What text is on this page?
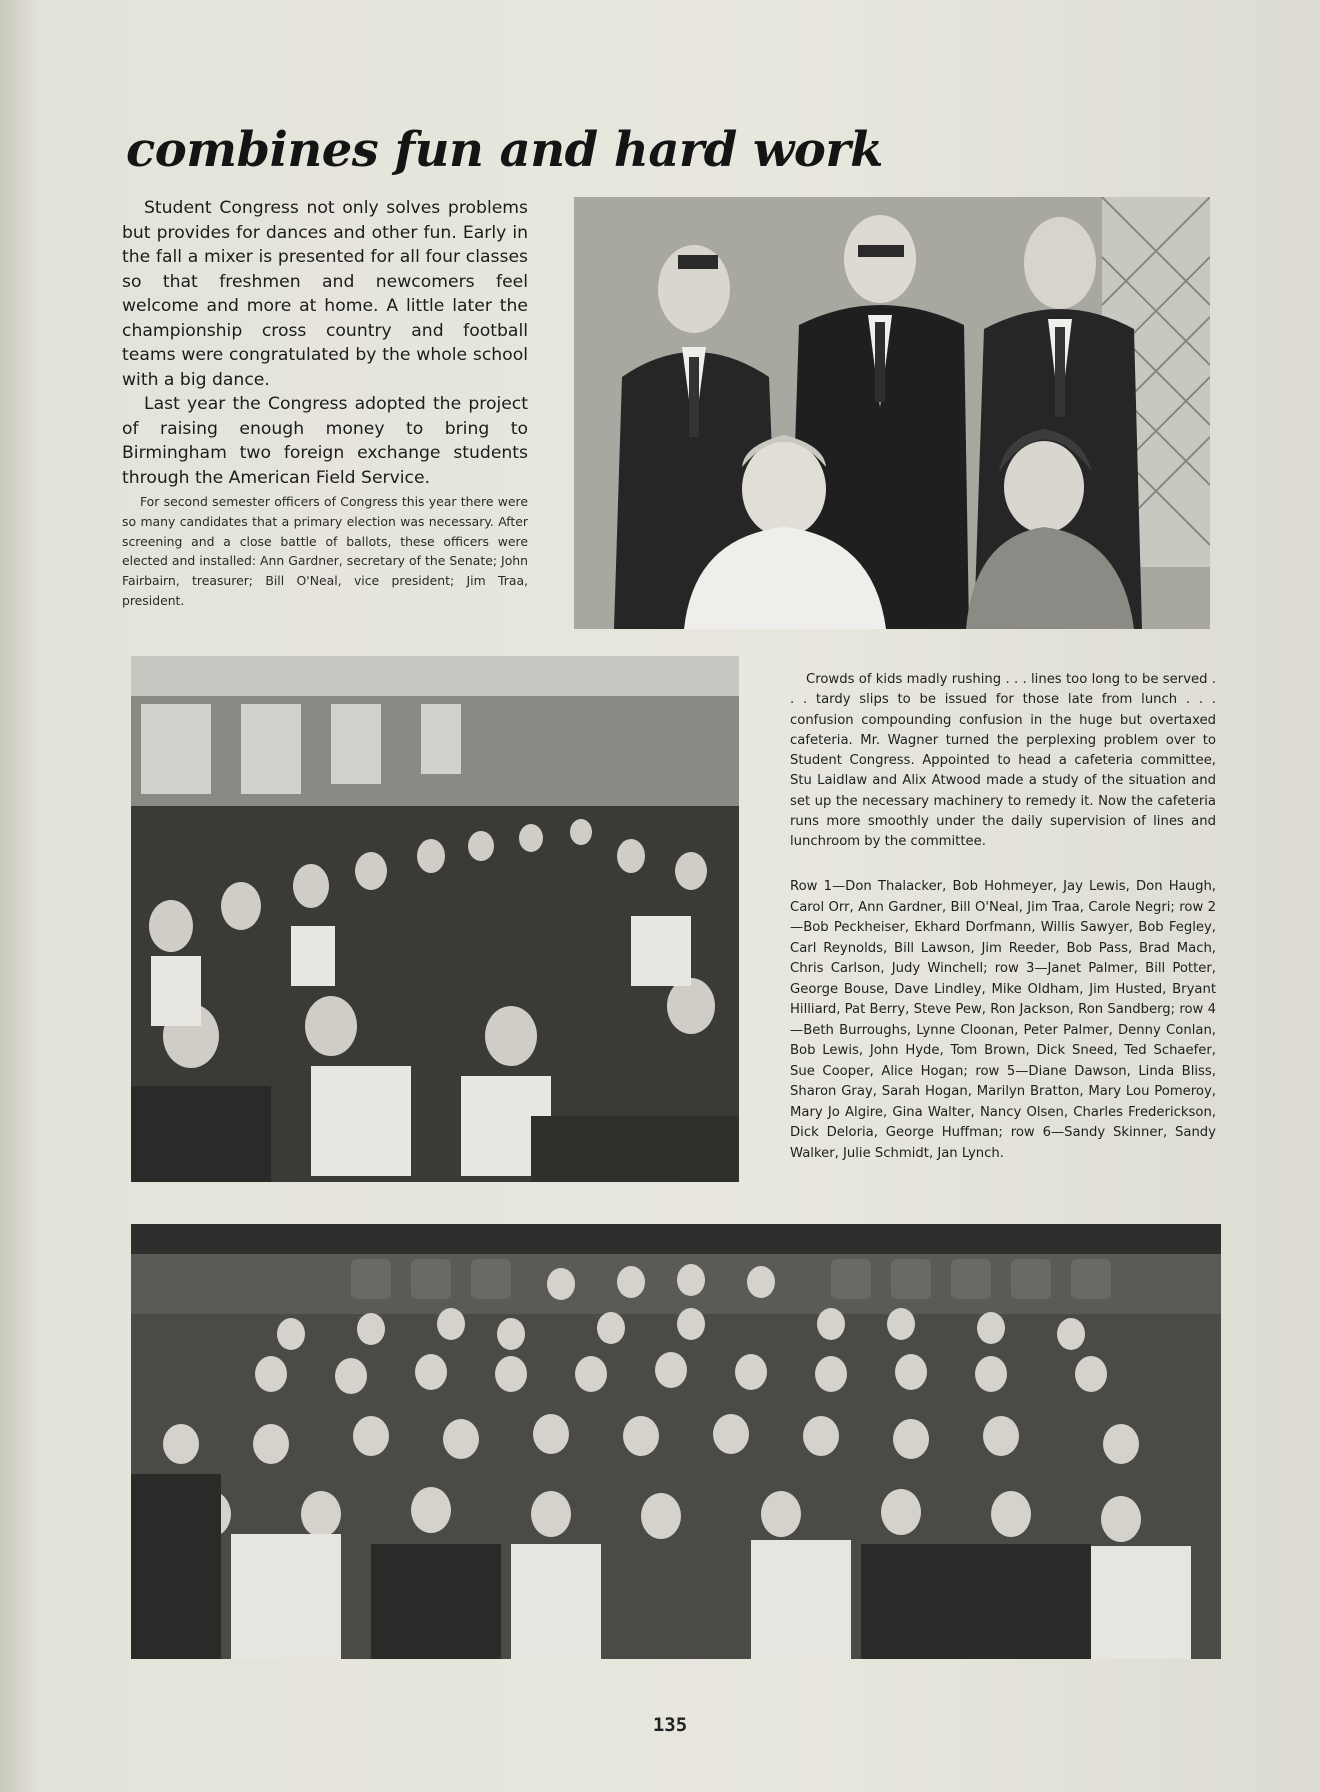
combines fun and hard work

Student Congress not only solves problems but provides for dances and other fun. Early in the fall a mixer is presented for all four classes so that freshmen and newcomers feel welcome and more at home. A little later the championship cross country and football teams were congratulated by the whole school with a big dance.

Last year the Congress adopted the project of raising enough money to bring to Birmingham two foreign exchange students through the American Field Service.

For second semester officers of Congress this year there were so many candidates that a primary election was necessary. After screening and a close battle of ballots, these officers were elected and installed: Ann Gardner, secretary of the Senate; John Fairbairn, treasurer; Bill O'Neal, vice president; Jim Traa, president.
Crowds of kids madly rushing . . . lines too long to be served . . . tardy slips to be issued for those late from lunch . . . confusion compounding confusion in the huge but overtaxed cafeteria. Mr. Wagner turned the perplexing problem over to Student Congress. Appointed to head a cafeteria committee, Stu Laidlaw and Alix Atwood made a study of the situation and set up the necessary machinery to remedy it. Now the cafeteria runs more smoothly under the daily supervision of lines and lunchroom by the committee.
Row 1—Don Thalacker, Bob Hohmeyer, Jay Lewis, Don Haugh, Carol Orr, Ann Gardner, Bill O'Neal, Jim Traa, Carole Negri; row 2—Bob Peckheiser, Ekhard Dorfmann, Willis Sawyer, Bob Fegley, Carl Reynolds, Bill Lawson, Jim Reeder, Bob Pass, Brad Mach, Chris Carlson, Judy Winchell; row 3—Janet Palmer, Bill Potter, George Bouse, Dave Lindley, Mike Oldham, Jim Husted, Bryant Hilliard, Pat Berry, Steve Pew, Ron Jackson, Ron Sandberg; row 4—Beth Burroughs, Lynne Cloonan, Peter Palmer, Denny Conlan, Bob Lewis, John Hyde, Tom Brown, Dick Sneed, Ted Schaefer, Sue Cooper, Alice Hogan; row 5—Diane Dawson, Linda Bliss, Sharon Gray, Sarah Hogan, Marilyn Bratton, Mary Lou Pomeroy, Mary Jo Algire, Gina Walter, Nancy Olsen, Charles Frederickson, Dick Deloria, George Huffman; row 6—Sandy Skinner, Sandy Walker, Julie Schmidt, Jan Lynch.
135
